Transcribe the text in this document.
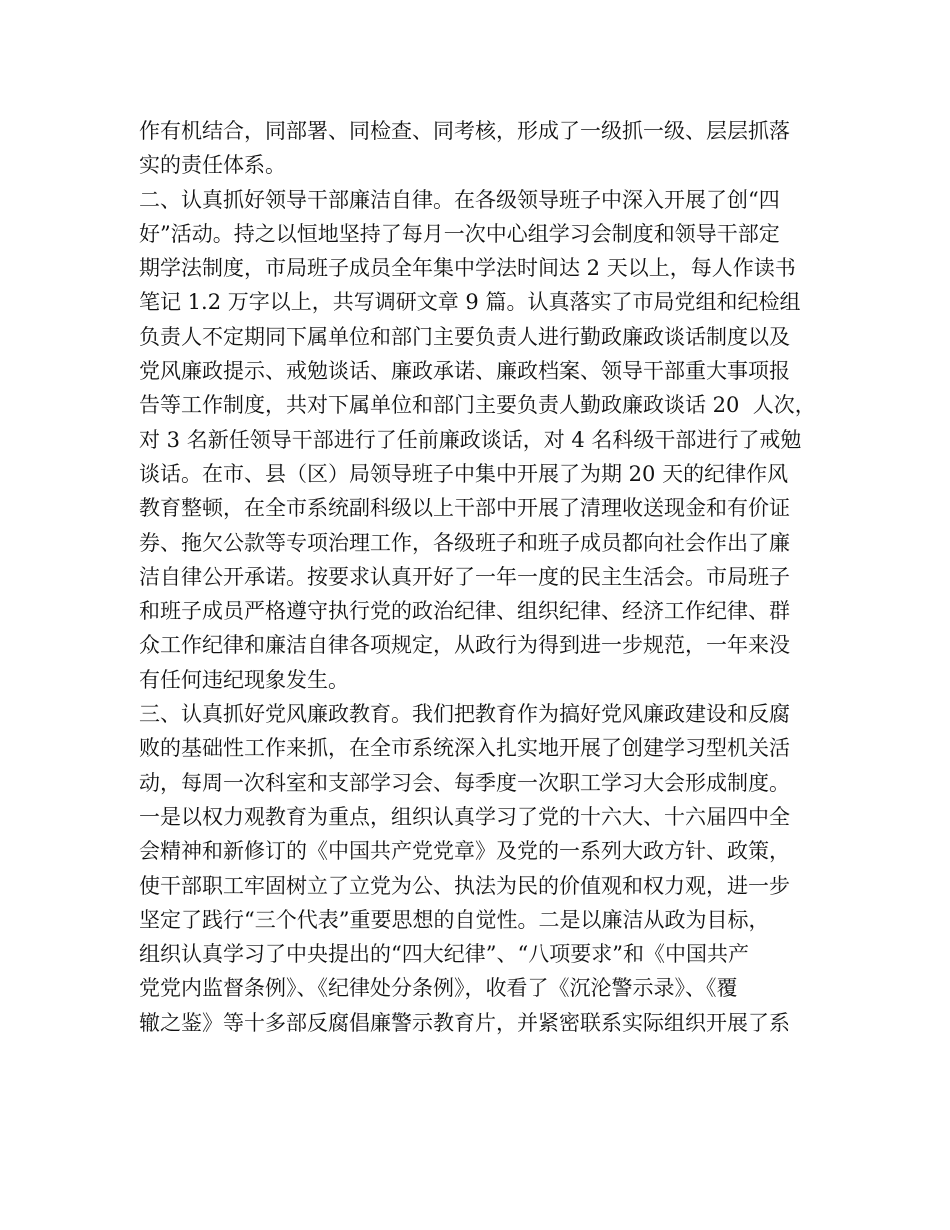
作有机结合，同部署、同检查、同考核，形成了一级抓一级、层层抓落
实的责任体系。
二、认真抓好领导干部廉洁自律。在各级领导班子中深入开展了创“四
好”活动。持之以恒地坚持了每月一次中心组学习会制度和领导干部定
期学法制度，市局班子成员全年集中学法时间达 2 天以上，每人作读书
笔记 1.2 万字以上，共写调研文章 9 篇。认真落实了市局党组和纪检组
负责人不定期同下属单位和部门主要负责人进行勤政廉政谈话制度以及
党风廉政提示、戒勉谈话、廉政承诺、廉政档案、领导干部重大事项报
告等工作制度，共对下属单位和部门主要负责人勤政廉政谈话 20  人次，
对 3 名新任领导干部进行了任前廉政谈话，对 4 名科级干部进行了戒勉
谈话。在市、县（区）局领导班子中集中开展了为期 20 天的纪律作风
教育整顿，在全市系统副科级以上干部中开展了清理收送现金和有价证
券、拖欠公款等专项治理工作，各级班子和班子成员都向社会作出了廉
洁自律公开承诺。按要求认真开好了一年一度的民主生活会。市局班子
和班子成员严格遵守执行党的政治纪律、组织纪律、经济工作纪律、群
众工作纪律和廉洁自律各项规定，从政行为得到进一步规范，一年来没
有任何违纪现象发生。
三、认真抓好党风廉政教育。我们把教育作为搞好党风廉政建设和反腐
败的基础性工作来抓，在全市系统深入扎实地开展了创建学习型机关活
动，每周一次科室和支部学习会、每季度一次职工学习大会形成制度。
一是以权力观教育为重点，组织认真学习了党的十六大、十六届四中全
会精神和新修订的《中国共产党党章》及党的一系列大政方针、政策，
使干部职工牢固树立了立党为公、执法为民的价值观和权力观，进一步
坚定了践行“三个代表”重要思想的自觉性。二是以廉洁从政为目标，
组织认真学习了中央提出的“四大纪律”、“八项要求”和《中国共产
党党内监督条例》、《纪律处分条例》，收看了《沉沦警示录》、《覆
辙之鉴》等十多部反腐倡廉警示教育片，并紧密联系实际组织开展了系
